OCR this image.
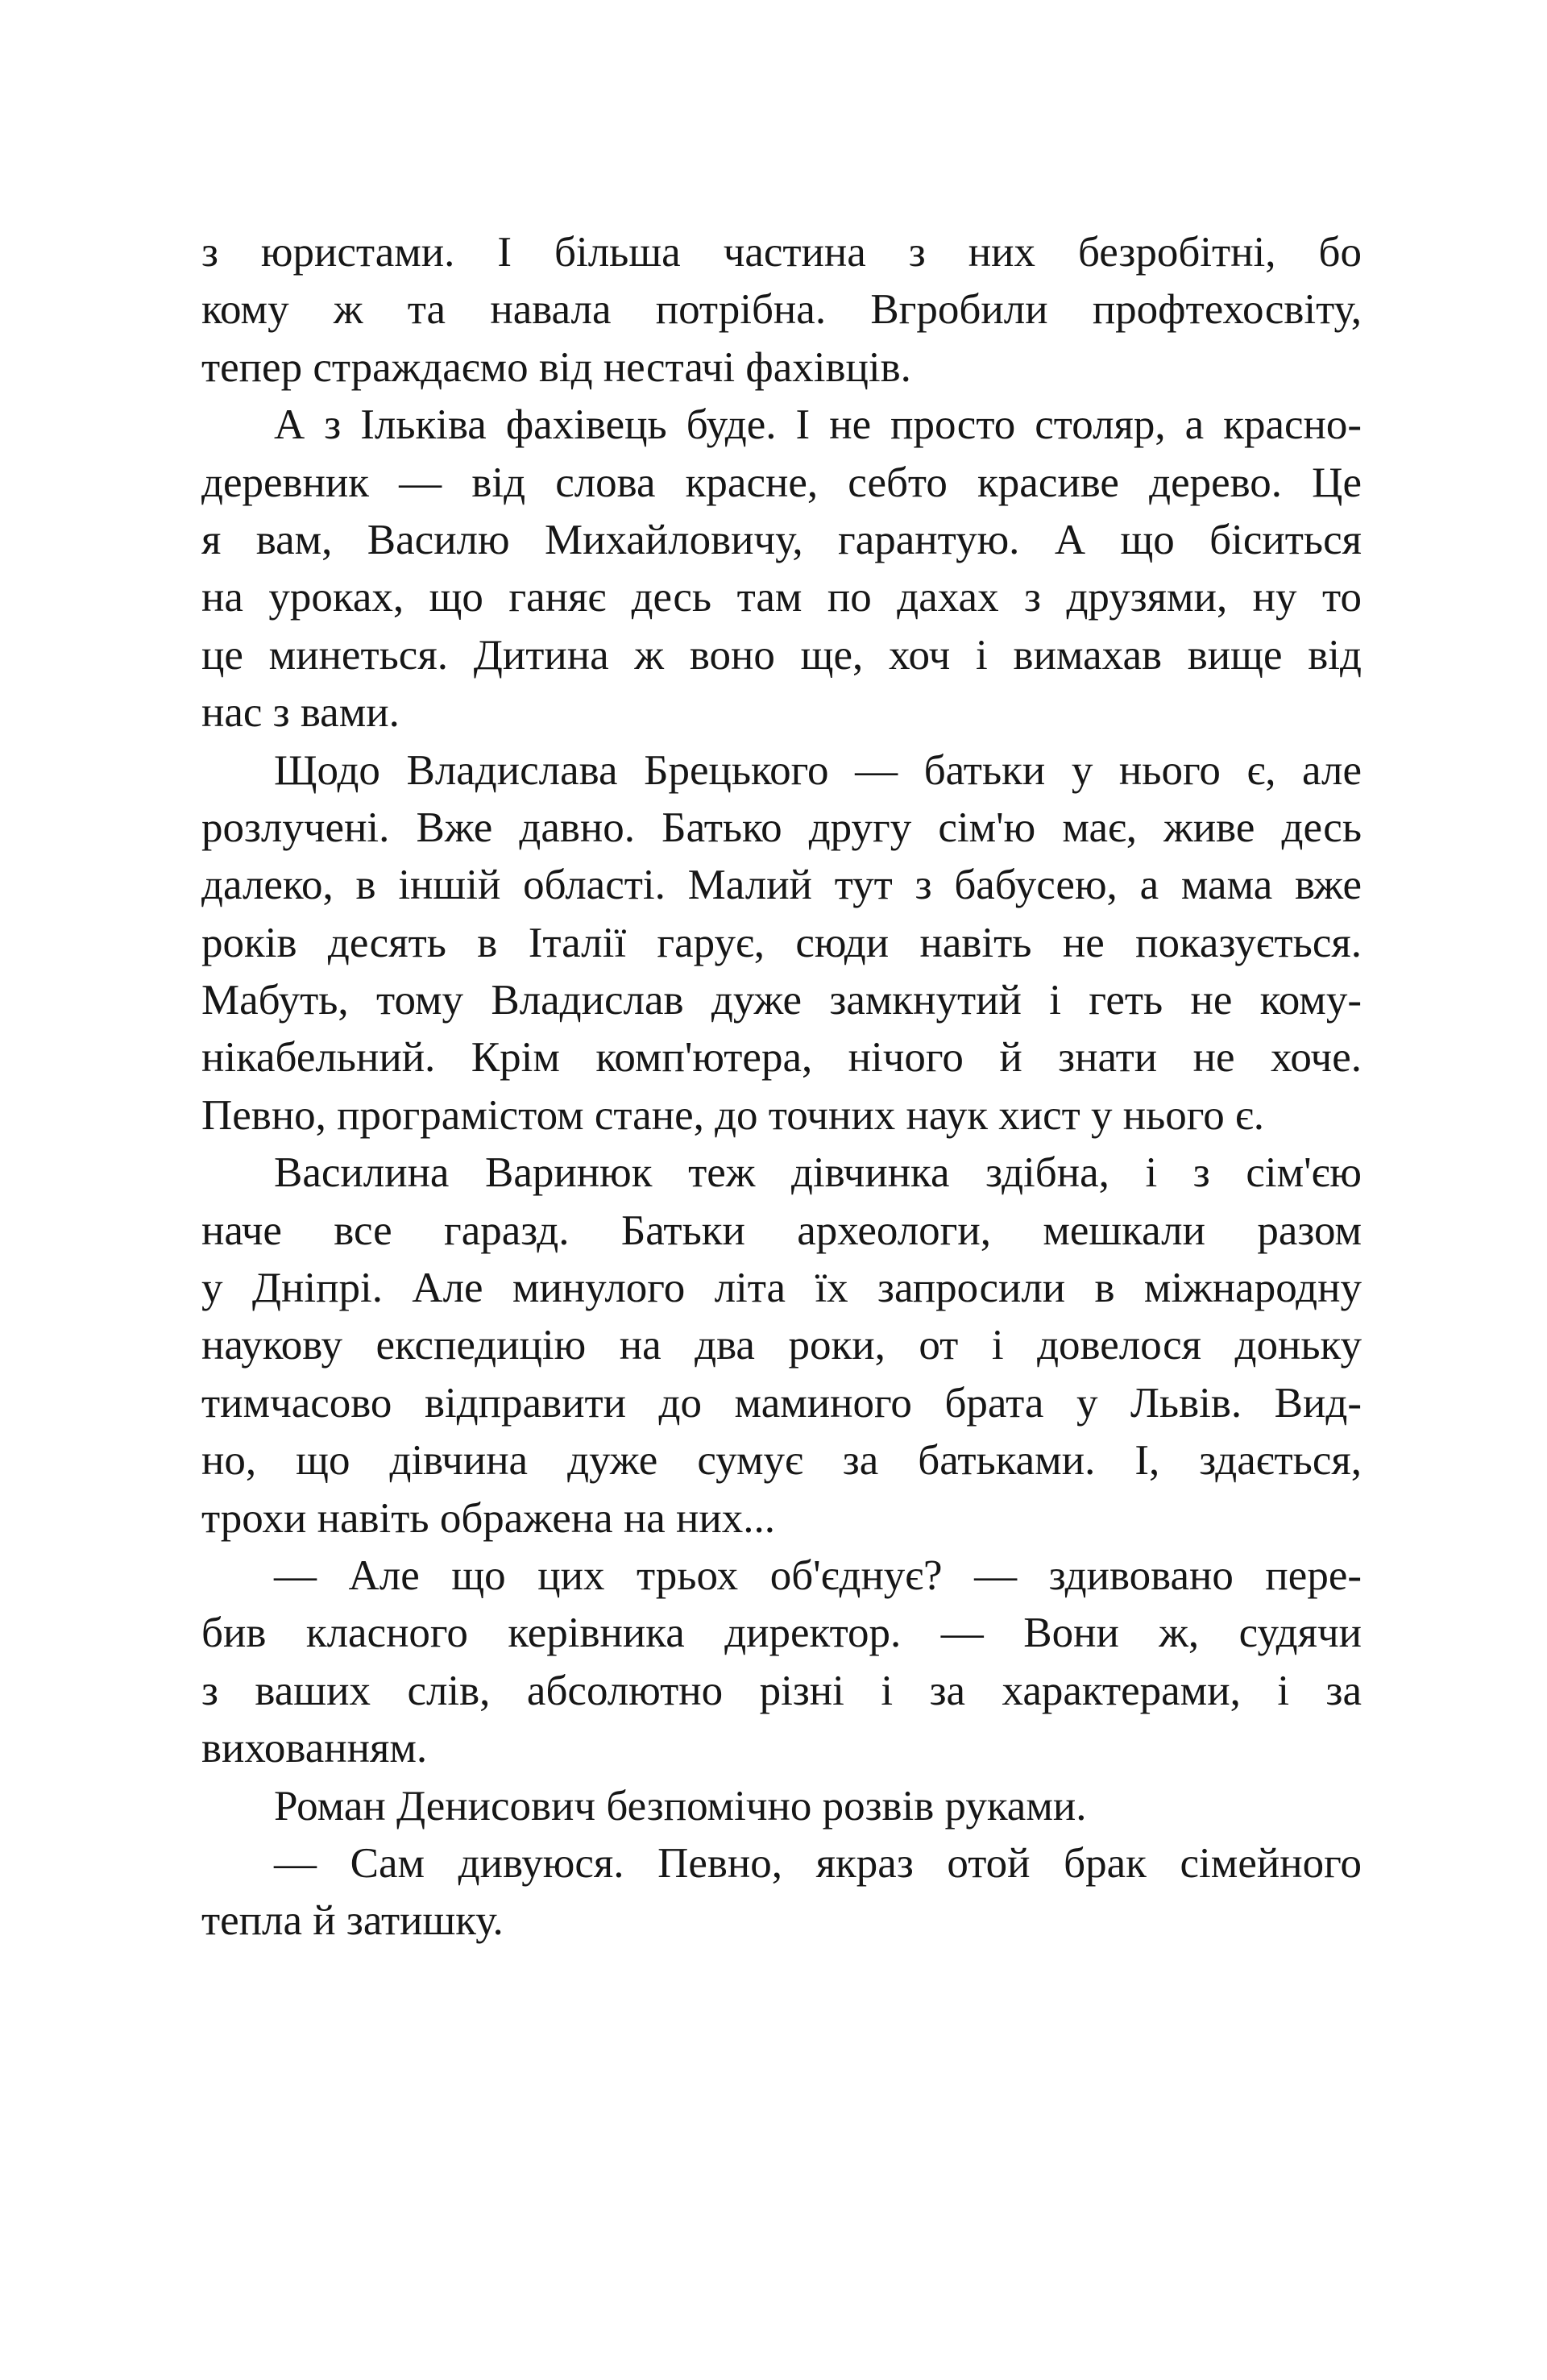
з юристами. І більша частина з них безробітні, бо
кому ж та навала потрібна. Вгробили профтехосвіту,
тепер страждаємо від нестачі фахівців.
А з Ільківа фахівець буде. І не просто столяр, а красно-
деревник — від слова красне, себто красиве дерево. Це
я вам, Василю Михайловичу, гарантую. А що біситься
на уроках, що ганяє десь там по дахах з друзями, ну то
це минеться. Дитина ж воно ще, хоч і вимахав вище від
нас з вами.
Щодо Владислава Брецького — батьки у нього є, але
розлучені. Вже давно. Батько другу сім'ю має, живе десь
далеко, в іншій області. Малий тут з бабусею, а мама вже
років десять в Італії гарує, сюди навіть не показується.
Мабуть, тому Владислав дуже замкнутий і геть не кому-
нікабельний. Крім комп'ютера, нічого й знати не хоче.
Певно, програмістом стане, до точних наук хист у нього є.
Василина Варинюк теж дівчинка здібна, і з сім'єю
наче все гаразд. Батьки археологи, мешкали разом
у Дніпрі. Але минулого літа їх запросили в міжнародну
наукову експедицію на два роки, от і довелося доньку
тимчасово відправити до маминого брата у Львів. Вид-
но, що дівчина дуже сумує за батьками. І, здається,
трохи навіть ображена на них...
— Але що цих трьох об'єднує? — здивовано пере-
бив класного керівника директор. — Вони ж, судячи
з ваших слів, абсолютно різні і за характерами, і за
вихованням.
Роман Денисович безпомічно розвів руками.
— Сам дивуюся. Певно, якраз отой брак сімейного
тепла й затишку.
